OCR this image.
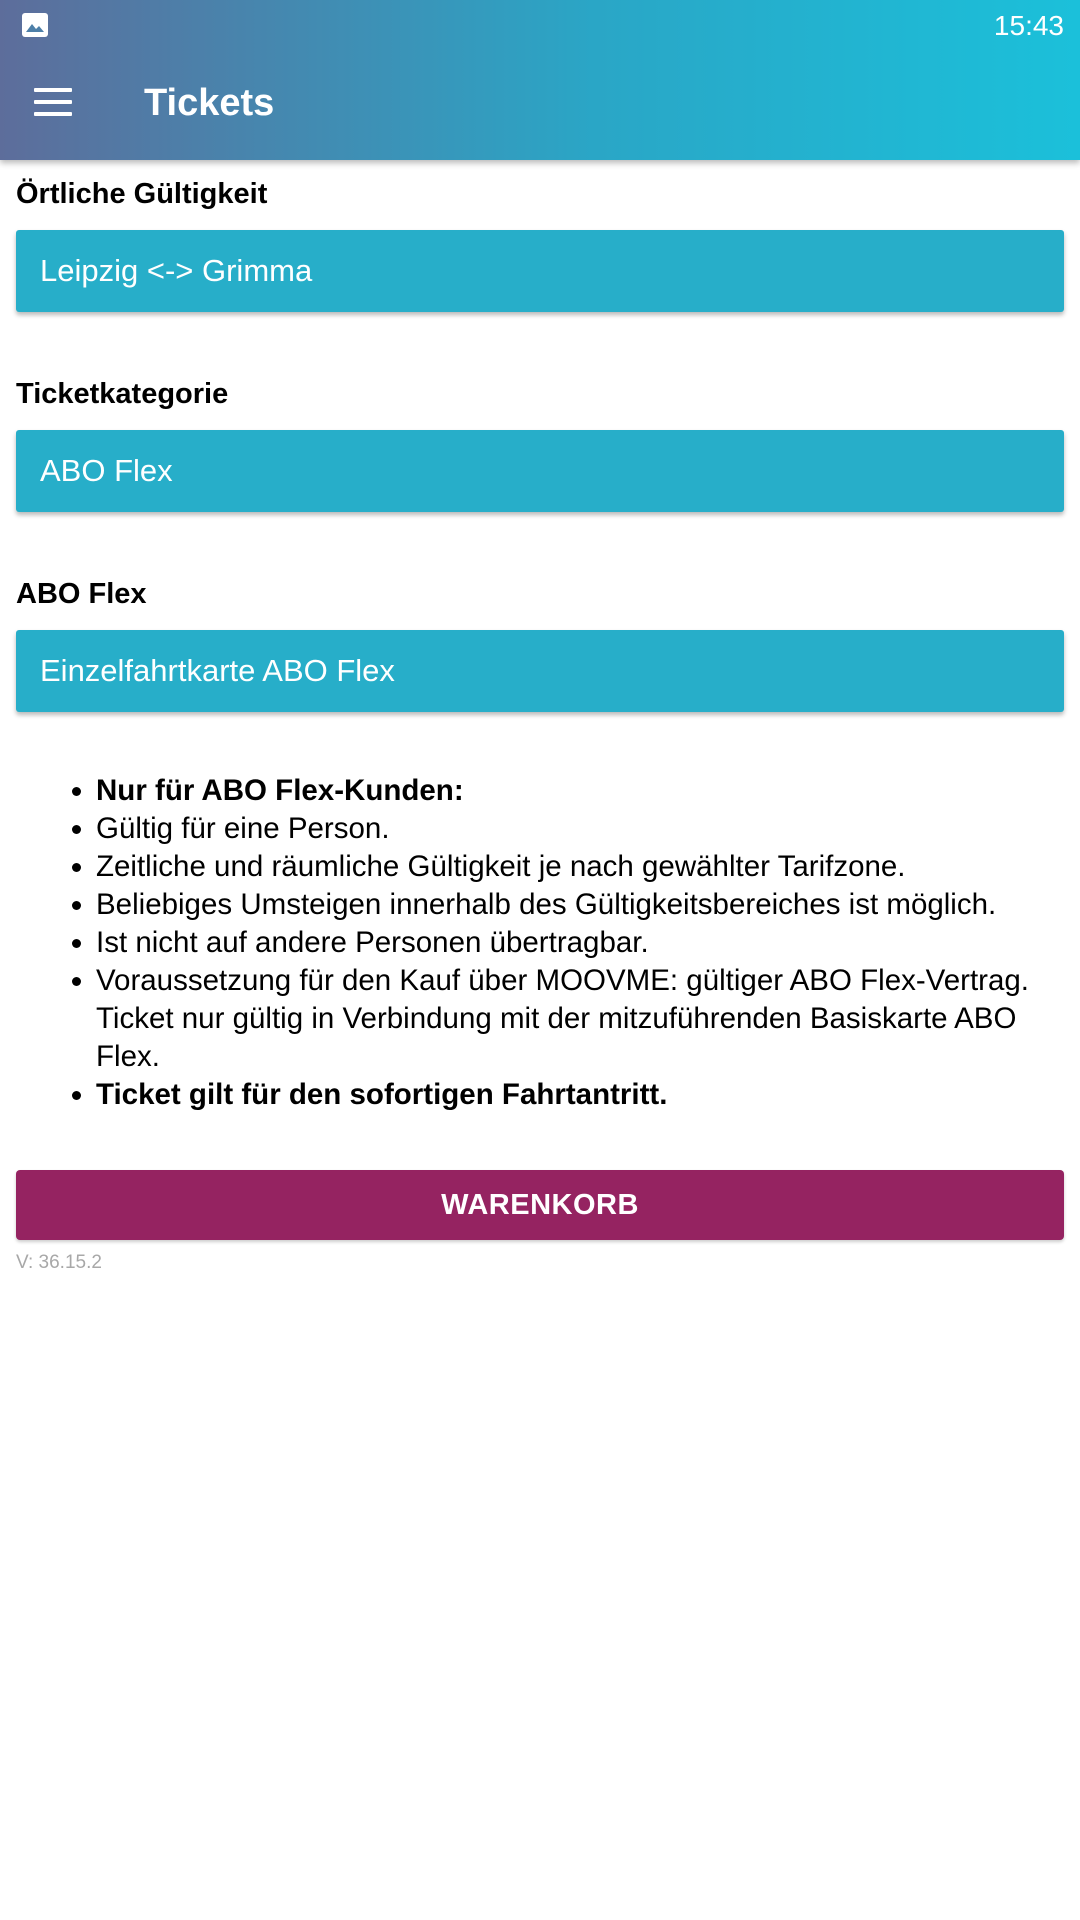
15:43
Tickets
Örtliche Gültigkeit
Leipzig <-> Grimma
Ticketkategorie
ABO Flex
ABO Flex
Einzelfahrtkarte ABO Flex
• Nur für ABO Flex-Kunden:
• Gültig für eine Person.
• Zeitliche und räumliche Gültigkeit je nach gewählter Tarifzone.
• Beliebiges Umsteigen innerhalb des Gültigkeitsbereiches ist möglich.
• Ist nicht auf andere Personen übertragbar.
• Voraussetzung für den Kauf über MOOVME: gültiger ABO Flex-Vertrag. Ticket nur gültig in Verbindung mit der mitzuführenden Basiskarte ABO Flex.
• Ticket gilt für den sofortigen Fahrtantritt.
WARENKORB
V: 36.15.2
